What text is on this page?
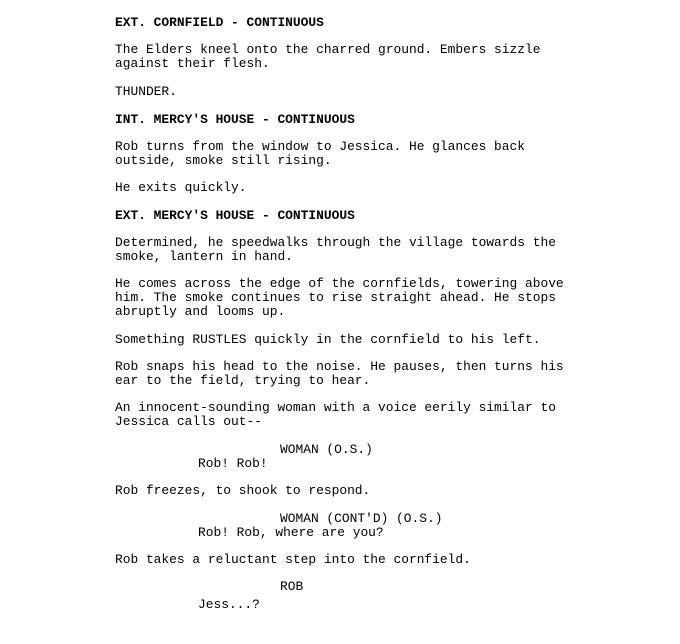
EXT. CORNFIELD - CONTINUOUS
The Elders kneel onto the charred ground. Embers sizzle
against their flesh.
THUNDER.
INT. MERCY'S HOUSE - CONTINUOUS
Rob turns from the window to Jessica. He glances back
outside, smoke still rising.
He exits quickly.
EXT. MERCY'S HOUSE - CONTINUOUS
Determined, he speedwalks through the village towards the
smoke, lantern in hand.
He comes across the edge of the cornfields, towering above
him. The smoke continues to rise straight ahead. He stops
abruptly and looms up.
Something RUSTLES quickly in the cornfield to his left.
Rob snaps his head to the noise. He pauses, then turns his
ear to the field, trying to hear.
An innocent-sounding woman with a voice eerily similar to
Jessica calls out--
WOMAN (O.S.)
Rob! Rob!
Rob freezes, to shook to respond.
WOMAN (CONT'D) (O.S.)
Rob! Rob, where are you?
Rob takes a reluctant step into the cornfield.
ROB
Jess...?
